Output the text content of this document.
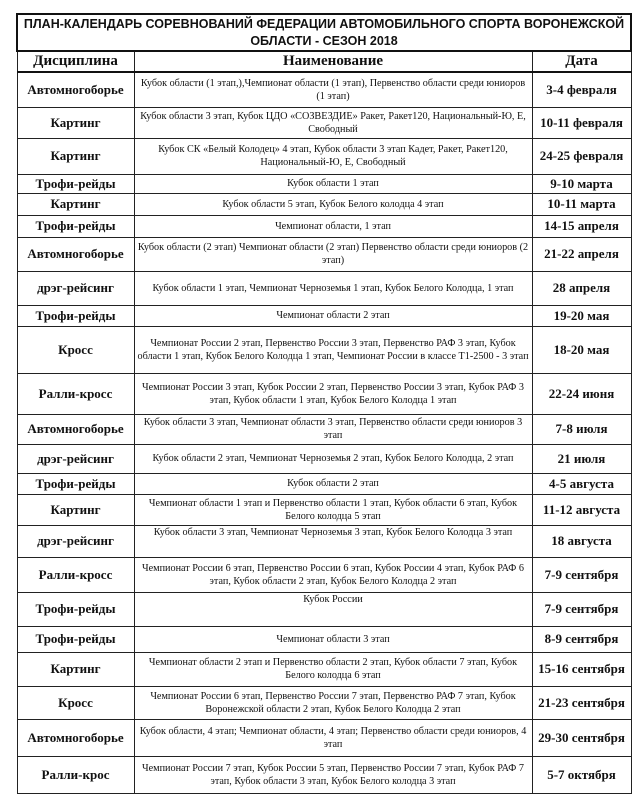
ПЛАН-КАЛЕНДАРЬ СОРЕВНОВАНИЙ ФЕДЕРАЦИИ АВТОМОБИЛЬНОГО СПОРТА ВОРОНЕЖСКОЙ ОБЛАСТИ - СЕЗОН 2018		
Дисциплина	Наименование	Дата
Автомногоборье	Кубок области (1 этап,),Чемпионат области (1 этап), Первенство области среди юниоров (1 этап)	3-4 февраля
Картинг	Кубок области 3 этап, Кубок ЦДО «СОЗВЕЗДИЕ» Ракет, Ракет120, Национальный-Ю, Е, Свободный	10-11 февраля
Картинг	Кубок СК «Белый Колодец» 4 этап, Кубок области 3 этап Кадет, Ракет, Ракет120, Национальный-Ю, Е, Свободный	24-25 февраля
Трофи-рейды	Кубок области 1 этап	9-10 марта
Картинг	Кубок области 5 этап, Кубок Белого колодца 4 этап	10-11 марта
Трофи-рейды	Чемпионат области, 1 этап	14-15 апреля
Автомногоборье	Кубок области (2 этап) Чемпионат области (2 этап) Первенство области среди юниоров (2 этап)	21-22 апреля
дрэг-рейсинг	Кубок области 1 этап, Чемпионат Черноземья 1 этап, Кубок Белого Колодца, 1 этап	28 апреля
Трофи-рейды	Чемпионат области 2 этап	19-20 мая
Кросс	Чемпионат России 2 этап, Первенство России 3 этап, Первенство РАФ 3 этап, Кубок области 1 этап, Кубок Белого Колодца 1 этап, Чемпионат России в классе Т1-2500 - 3 этап	18-20 мая
Ралли-кросс	Чемпионат России 3 этап, Кубок России 2 этап, Первенство России 3 этап, Кубок РАФ 3 этап, Кубок области 1 этап, Кубок Белого Колодца 1 этап	22-24 июня
Автомногоборье	Кубок области 3 этап, Чемпионат области 3 этап, Первенство области среди юниоров 3 этап	7-8 июля
дрэг-рейсинг	Кубок области 2 этап, Чемпионат Черноземья 2 этап, Кубок Белого Колодца, 2 этап	21 июля
Трофи-рейды	Кубок области 2 этап	4-5 августа
Картинг	Чемпионат области 1 этап и Первенство области 1 этап, Кубок области 6 этап, Кубок Белого колодца 5 этап	11-12 августа
дрэг-рейсинг	Кубок области 3 этап, Чемпионат Черноземья 3 этап, Кубок Белого Колодца 3 этап	18 августа
Ралли-кросс	Чемпионат России 6 этап, Первенство России 6 этап, Кубок России 4 этап, Кубок РАФ 6 этап, Кубок области 2 этап, Кубок Белого Колодца 2 этап	7-9 сентября
Трофи-рейды	Кубок России	7-9 сентября
Трофи-рейды	Чемпионат области 3 этап	8-9 сентября
Картинг	Чемпионат области 2 этап и Первенство области 2 этап, Кубок области 7 этап, Кубок Белого колодца 6 этап	15-16 сентября
Кросс	Чемпионат России 6 этап, Первенство России 7 этап, Первенство РАФ 7 этап, Кубок Воронежской области 2 этап, Кубок Белого Колодца 2 этап	21-23 сентября
Автомногоборье	Кубок области, 4 этап; Чемпионат области, 4 этап; Первенство области среди юниоров, 4 этап	29-30 сентября
Ралли-крос	Чемпионат России 7 этап, Кубок России 5 этап, Первенство России 7 этап, Кубок РАФ 7 этап, Кубок области 3 этап, Кубок Белого колодца 3 этап	5-7 октября
